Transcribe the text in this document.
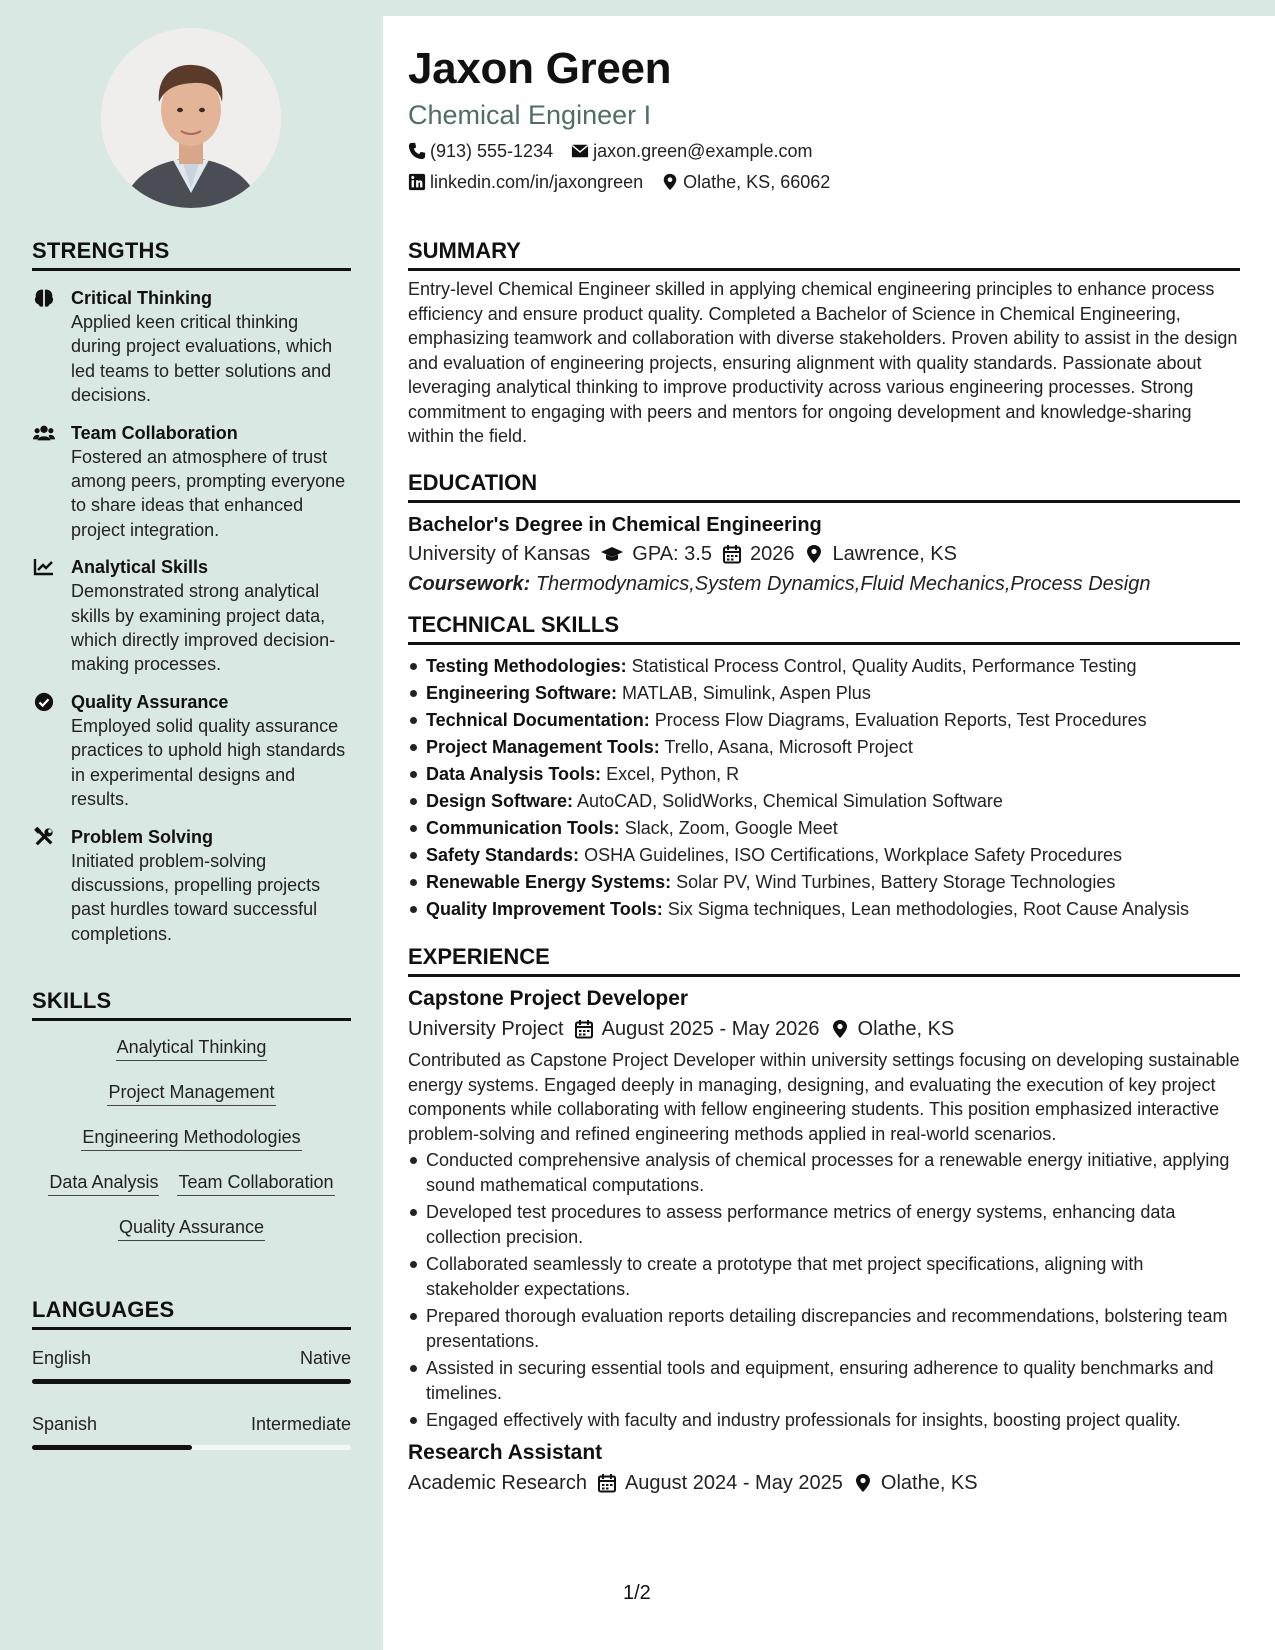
STRENGTHS
Critical Thinking
Applied keen critical thinking during project evaluations, which led teams to better solutions and decisions.
Team Collaboration
Fostered an atmosphere of trust among peers, prompting everyone to share ideas that enhanced project integration.
Analytical Skills
Demonstrated strong analytical skills by examining project data, which directly improved decision-making processes.
Quality Assurance
Employed solid quality assurance practices to uphold high standards in experimental designs and results.
Problem Solving
Initiated problem-solving discussions, propelling projects past hurdles toward successful completions.
SKILLS
Analytical Thinking
Project Management
Engineering Methodologies
Data Analysis Team Collaboration
Quality Assurance
LANGUAGES
English	Native
Spanish	Intermediate
Jaxon Green
Chemical Engineer I
(913) 555-1234 jaxon.green@example.com
linkedin.com/in/jaxongreen Olathe, KS, 66062
SUMMARY
Entry-level Chemical Engineer skilled in applying chemical engineering principles to enhance process efficiency and ensure product quality. Completed a Bachelor of Science in Chemical Engineering, emphasizing teamwork and collaboration with diverse stakeholders. Proven ability to assist in the design and evaluation of engineering projects, ensuring alignment with quality standards. Passionate about leveraging analytical thinking to improve productivity across various engineering processes. Strong commitment to engaging with peers and mentors for ongoing development and knowledge-sharing within the field.
EDUCATION
Bachelor's Degree in Chemical Engineering
University of Kansas GPA: 3.5 2026 Lawrence, KS
Coursework: Thermodynamics,System Dynamics,Fluid Mechanics,Process Design
TECHNICAL SKILLS
Testing Methodologies: Statistical Process Control, Quality Audits, Performance Testing
Engineering Software: MATLAB, Simulink, Aspen Plus
Technical Documentation: Process Flow Diagrams, Evaluation Reports, Test Procedures
Project Management Tools: Trello, Asana, Microsoft Project
Data Analysis Tools: Excel, Python, R
Design Software: AutoCAD, SolidWorks, Chemical Simulation Software
Communication Tools: Slack, Zoom, Google Meet
Safety Standards: OSHA Guidelines, ISO Certifications, Workplace Safety Procedures
Renewable Energy Systems: Solar PV, Wind Turbines, Battery Storage Technologies
Quality Improvement Tools: Six Sigma techniques, Lean methodologies, Root Cause Analysis
EXPERIENCE
Capstone Project Developer
University Project August 2025 - May 2026 Olathe, KS
Contributed as Capstone Project Developer within university settings focusing on developing sustainable energy systems. Engaged deeply in managing, designing, and evaluating the execution of key project components while collaborating with fellow engineering students. This position emphasized interactive problem-solving and refined engineering methods applied in real-world scenarios.
Conducted comprehensive analysis of chemical processes for a renewable energy initiative, applying sound mathematical computations.
Developed test procedures to assess performance metrics of energy systems, enhancing data collection precision.
Collaborated seamlessly to create a prototype that met project specifications, aligning with stakeholder expectations.
Prepared thorough evaluation reports detailing discrepancies and recommendations, bolstering team presentations.
Assisted in securing essential tools and equipment, ensuring adherence to quality benchmarks and timelines.
Engaged effectively with faculty and industry professionals for insights, boosting project quality.
Research Assistant
Academic Research August 2024 - May 2025 Olathe, KS
1/2
